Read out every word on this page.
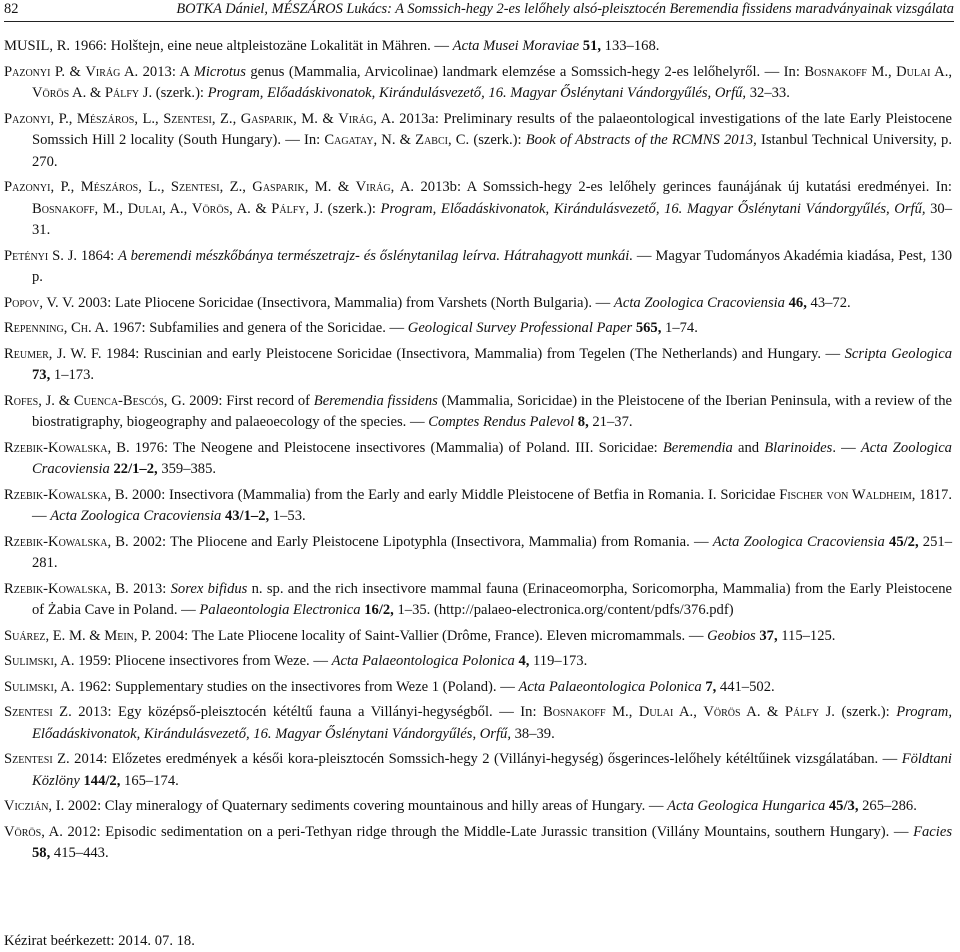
82	BOTKA Dániel, MÉSZÁROS Lukács: A Somssich-hegy 2-es lelőhely alsó-pleisztocén Beremendia fissidens maradványainak vizsgálata

MUSIL, R. 1966: Holštejn, eine neue altpleistozäne Lokalität in Mähren. — Acta Musei Moraviae 51, 133–168.

Pazonyi P. & Virág A. 2013: A Microtus genus (Mammalia, Arvicolinae) landmark elemzése a Somssich-hegy 2-es lelőhelyről. — In: Bosnakoff M., Dulai A., Vörös A. & Pálfy J. (szerk.): Program, Előadáskivonatok, Kirándulásvezető, 16. Magyar Őslénytani Vándorgyűlés, Orfű, 32–33.

Pazonyi, P., Mészáros, L., Szentesi, Z., Gasparik, M. & Virág, A. 2013a: Preliminary results of the palaeontological investigations of the late Early Pleistocene Somssich Hill 2 locality (South Hungary). — In: Cagatay, N. & Zabci, C. (szerk.): Book of Abstracts of the RCMNS 2013, Istanbul Technical University, p. 270.

Pazonyi, P., Mészáros, L., Szentesi, Z., Gasparik, M. & Virág, A. 2013b: A Somssich-hegy 2-es lelőhely gerinces faunájának új kutatási eredményei. In: Bosnakoff, M., Dulai, A., Vörös, A. & Pálfy, J. (szerk.): Program, Előadáskivonatok, Kirándulásvezető, 16. Magyar Őslénytani Vándorgyűlés, Orfű, 30–31.

Petényi S. J. 1864: A beremendi mészkőbánya természetrajz- és őslénytanilag leírva. Hátrahagyott munkái. — Magyar Tudományos Akadémia kiadása, Pest, 130 p.

Popov, V. V. 2003: Late Pliocene Soricidae (Insectivora, Mammalia) from Varshets (North Bulgaria). — Acta Zoologica Cracoviensia 46, 43–72.

Repenning, Ch. A. 1967: Subfamilies and genera of the Soricidae. — Geological Survey Professional Paper 565, 1–74.

Reumer, J. W. F. 1984: Ruscinian and early Pleistocene Soricidae (Insectivora, Mammalia) from Tegelen (The Netherlands) and Hungary. — Scripta Geologica 73, 1–173.

Rofes, J. & Cuenca-Bescós, G. 2009: First record of Beremendia fissidens (Mammalia, Soricidae) in the Pleistocene of the Iberian Peninsula, with a review of the biostratigraphy, biogeography and palaeoecology of the species. — Comptes Rendus Palevol 8, 21–37.

Rzebik-Kowalska, B. 1976: The Neogene and Pleistocene insectivores (Mammalia) of Poland. III. Soricidae: Beremendia and Blarinoides. — Acta Zoologica Cracoviensia 22/1–2, 359–385.

Rzebik-Kowalska, B. 2000: Insectivora (Mammalia) from the Early and early Middle Pleistocene of Betfia in Romania. I. Soricidae Fischer von Waldheim, 1817. — Acta Zoologica Cracoviensia 43/1–2, 1–53.

Rzebik-Kowalska, B. 2002: The Pliocene and Early Pleistocene Lipotyphla (Insectivora, Mammalia) from Romania. — Acta Zoologica Cracoviensia 45/2, 251–281.

Rzebik-Kowalska, B. 2013: Sorex bifidus n. sp. and the rich insectivore mammal fauna (Erinaceomorpha, Soricomorpha, Mammalia) from the Early Pleistocene of Żabia Cave in Poland. — Palaeontologia Electronica 16/2, 1–35. (http://palaeo-electronica.org/content/pdfs/376.pdf)

Suárez, E. M. & Mein, P. 2004: The Late Pliocene locality of Saint-Vallier (Drôme, France). Eleven micromammals. — Geobios 37, 115–125.

Sulimski, A. 1959: Pliocene insectivores from Weze. — Acta Palaeontologica Polonica 4, 119–173.

Sulimski, A. 1962: Supplementary studies on the insectivores from Weze 1 (Poland). — Acta Palaeontologica Polonica 7, 441–502.

Szentesi Z. 2013: Egy középső-pleisztocén kétéltű fauna a Villányi-hegységből. — In: Bosnakoff M., Dulai A., Vörös A. & Pálfy J. (szerk.): Program, Előadáskivonatok, Kirándulásvezető, 16. Magyar Őslénytani Vándorgyűlés, Orfű, 38–39.

Szentesi Z. 2014: Előzetes eredmények a késői kora-pleisztocén Somssich-hegy 2 (Villányi-hegység) ősgerinces-lelőhely kétéltűinek vizsgálatában. — Földtani Közlöny 144/2, 165–174.

Viczián, I. 2002: Clay mineralogy of Quaternary sediments covering mountainous and hilly areas of Hungary. — Acta Geologica Hungarica 45/3, 265–286.

Vörös, A. 2012: Episodic sedimentation on a peri-Tethyan ridge through the Middle-Late Jurassic transition (Villány Mountains, southern Hungary). — Facies 58, 415–443.

Kézirat beérkezett: 2014. 07. 18.
